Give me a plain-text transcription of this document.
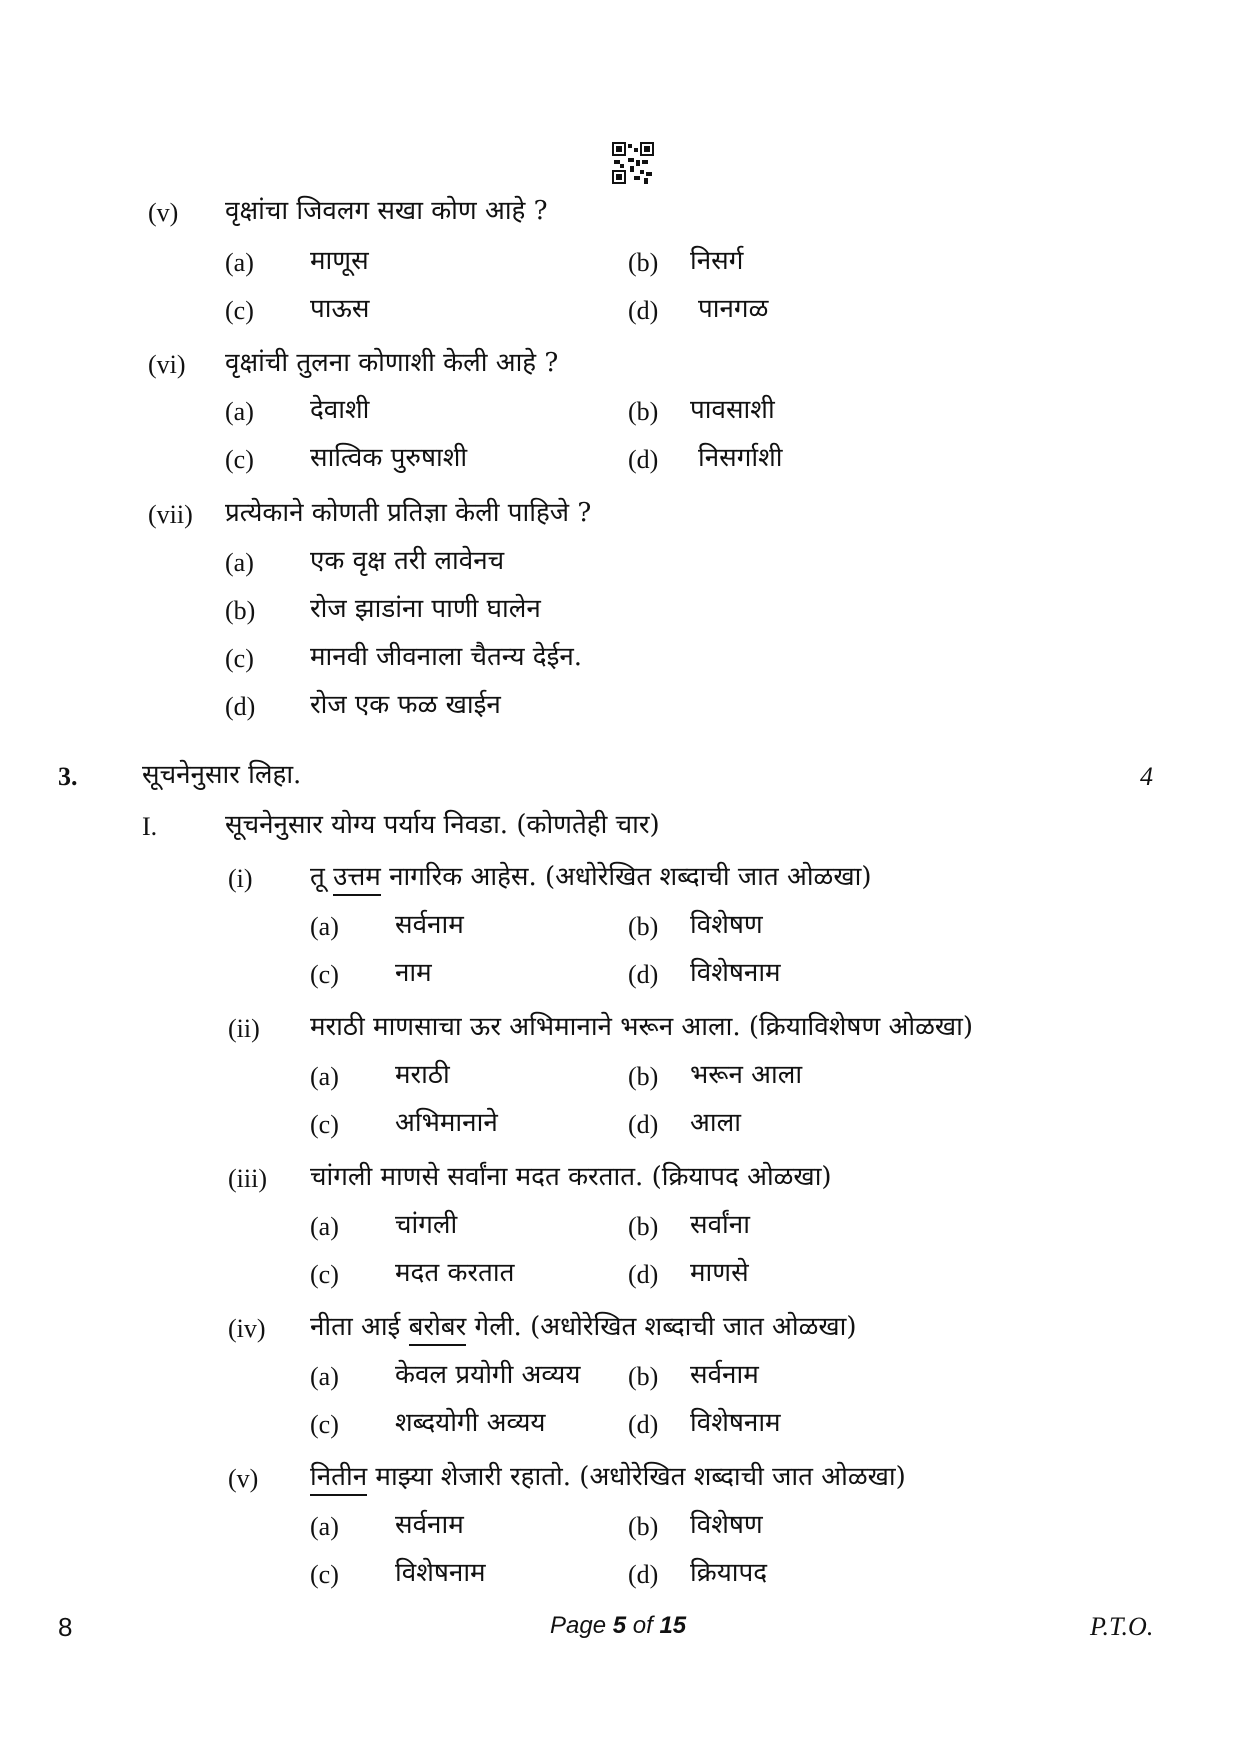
(v) वृक्षांचा जिवलग सखा कोण आहे ?
(a) माणूस	(b) निसर्ग
(c) पाऊस	(d) पानगळ
(vi) वृक्षांची तुलना कोणाशी केली आहे ?
(a) देवाशी	(b) पावसाशी
(c) सात्विक पुरुषाशी	(d) निसर्गाशी
(vii) प्रत्येकाने कोणती प्रतिज्ञा केली पाहिजे ?
(a) एक वृक्ष तरी लावेनच
(b) रोज झाडांना पाणी घालेन
(c) मानवी जीवनाला चैतन्य देईन.
(d) रोज एक फळ खाईन
3. सूचनेनुसार लिहा.	4
I.	सूचनेनुसार योग्य पर्याय निवडा. (कोणतेही चार)
(i) तू उत्तम नागरिक आहेस. (अधोरेखित शब्दाची जात ओळखा)
(a) सर्वनाम	(b) विशेषण
(c) नाम	(d) विशेषनाम
(ii) मराठी माणसाचा ऊर अभिमानाने भरून आला. (क्रियाविशेषण ओळखा)
(a) मराठी	(b) भरून आला
(c) अभिमानाने	(d) आला
(iii) चांगली माणसे सर्वांना मदत करतात. (क्रियापद ओळखा)
(a) चांगली	(b) सर्वांना
(c) मदत करतात	(d) माणसे
(iv) नीता आई बरोबर गेली. (अधोरेखित शब्दाची जात ओळखा)
(a) केवल प्रयोगी अव्यय (b) सर्वनाम
(c) शब्दयोगी अव्यय	(d) विशेषनाम
(v) नितीन माझ्या शेजारी रहातो. (अधोरेखित शब्दाची जात ओळखा)
(a) सर्वनाम	(b) विशेषण
(c) विशेषनाम	(d) क्रियापद
8	Page 5 of 15	P.T.O.
